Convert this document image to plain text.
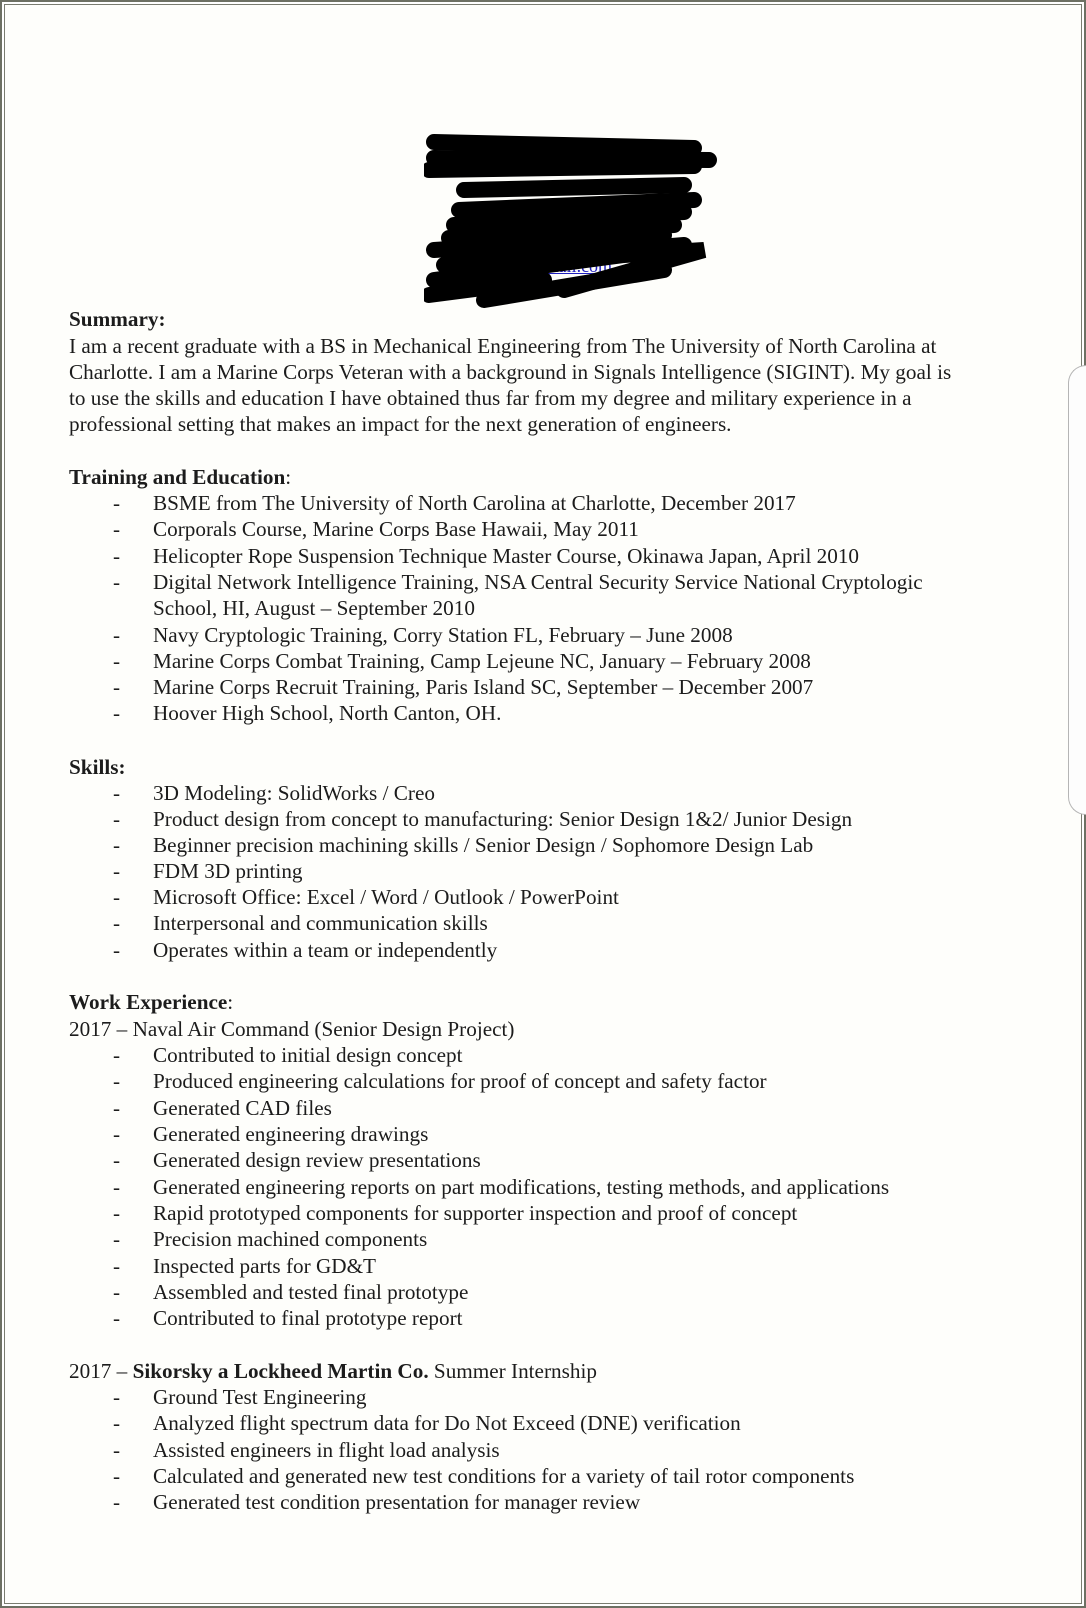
@gmail.com
Summary:
I am a recent graduate with a BS in Mechanical Engineering from The University of North Carolina at
Charlotte. I am a Marine Corps Veteran with a background in Signals Intelligence (SIGINT). My goal is
to use the skills and education I have obtained thus far from my degree and military experience in a
professional setting that makes an impact for the next generation of engineers.
Training and Education:
- BSME from The University of North Carolina at Charlotte, December 2017
- Corporals Course, Marine Corps Base Hawaii, May 2011
- Helicopter Rope Suspension Technique Master Course, Okinawa Japan, April 2010
- Digital Network Intelligence Training, NSA Central Security Service National Cryptologic
School, HI, August – September 2010
- Navy Cryptologic Training, Corry Station FL, February – June 2008
- Marine Corps Combat Training, Camp Lejeune NC, January – February 2008
- Marine Corps Recruit Training, Paris Island SC, September – December 2007
- Hoover High School, North Canton, OH.
Skills:
- 3D Modeling: SolidWorks / Creo
- Product design from concept to manufacturing: Senior Design 1&2/ Junior Design
- Beginner precision machining skills / Senior Design / Sophomore Design Lab
- FDM 3D printing
- Microsoft Office: Excel / Word / Outlook / PowerPoint
- Interpersonal and communication skills
- Operates within a team or independently
Work Experience:
2017 – Naval Air Command (Senior Design Project)
- Contributed to initial design concept
- Produced engineering calculations for proof of concept and safety factor
- Generated CAD files
- Generated engineering drawings
- Generated design review presentations
- Generated engineering reports on part modifications, testing methods, and applications
- Rapid prototyped components for supporter inspection and proof of concept
- Precision machined components
- Inspected parts for GD&T
- Assembled and tested final prototype
- Contributed to final prototype report
2017 – Sikorsky a Lockheed Martin Co. Summer Internship
- Ground Test Engineering
- Analyzed flight spectrum data for Do Not Exceed (DNE) verification
- Assisted engineers in flight load analysis
- Calculated and generated new test conditions for a variety of tail rotor components
- Generated test condition presentation for manager review
